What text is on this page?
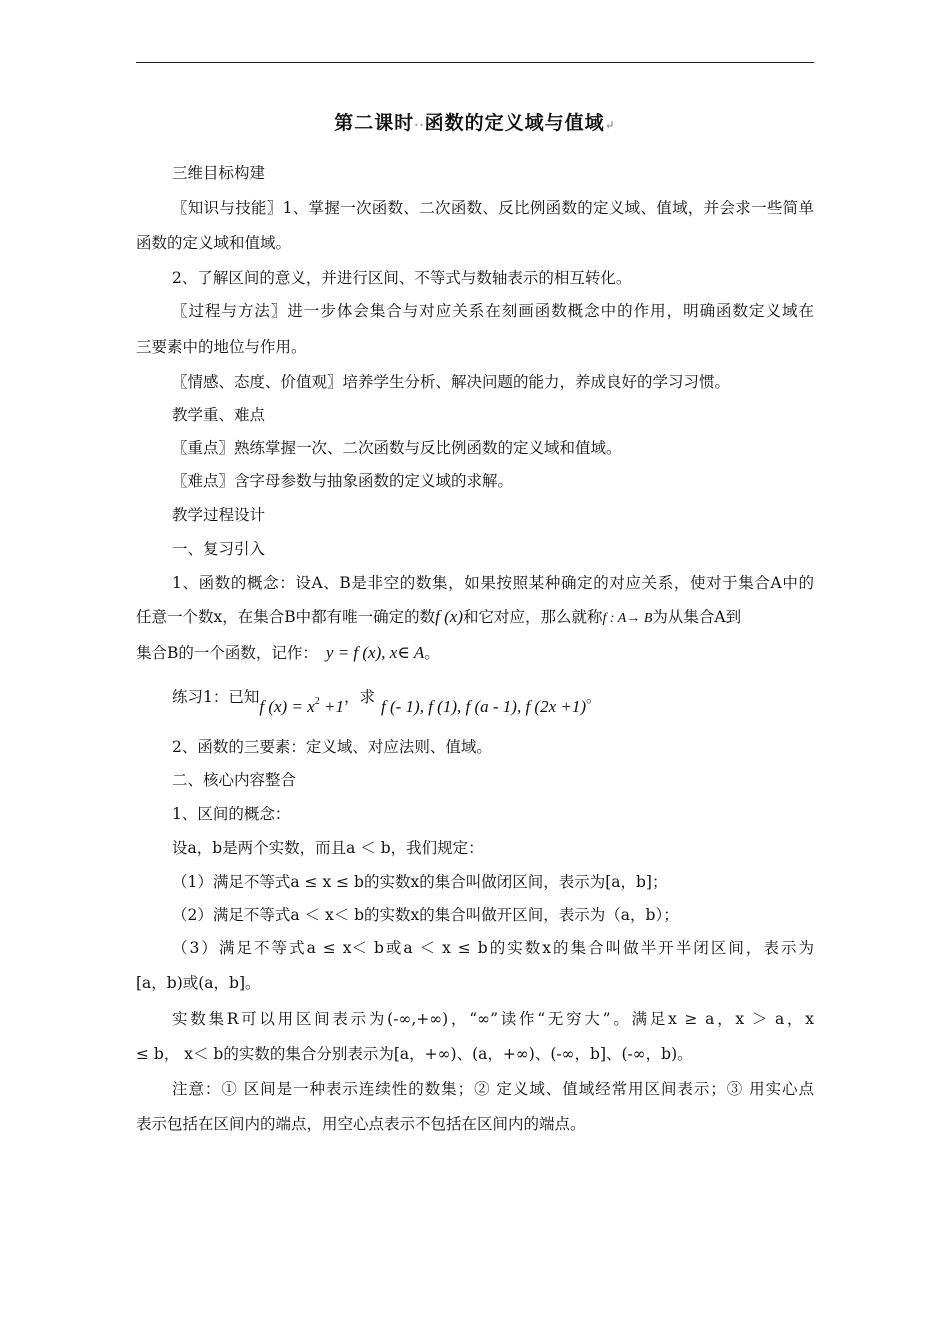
第二课时··函数的定义域与值域↵
三维目标构建
〖知识与技能〗1、掌握一次函数、二次函数、反比例函数的定义域、值域，并会求一些简单
函数的定义域和值域。
2、了解区间的意义，并进行区间、不等式与数轴表示的相互转化。
〖过程与方法〗进一步体会集合与对应关系在刻画函数概念中的作用，明确函数定义域在
三要素中的地位与作用。
〖情感、态度、价值观〗培养学生分析、解决问题的能力，养成良好的学习习惯。
教学重、难点
〖重点〗熟练掌握一次、二次函数与反比例函数的定义域和值域。
〖难点〗含字母参数与抽象函数的定义域的求解。
教学过程设计
一、复习引入
1、函数的概念：设A、B是非空的数集，如果按照某种确定的对应关系，使对于集合A中的
任意一个数x，在集合B中都有唯一确定的数f (x)和它对应，那么就称f : A→ B为从集合A到
集合B的一个函数，记作： y = f (x), x∈ A。
练习1：已知f $(x) = x^2 +1$，求 f (- 1), f (1), f (a - 1), f (2x +1)。
2、函数的三要素：定义域、对应法则、值域。
二、核心内容整合
1、区间的概念：
设a，b是两个实数，而且a ＜ b，我们规定：
（1）满足不等式a ≤ x ≤ b的实数x的集合叫做闭区间，表示为[a，b]；
（2）满足不等式a ＜ x＜ b的实数x的集合叫做开区间，表示为（a，b）；
（3）满足不等式a ≤ x＜ b或a ＜ x ≤ b的实数x的集合叫做半开半闭区间，表示为
[a，b)或(a，b]。
实数集R可以用区间表示为(-∞,+∞)，“∞”读作“无穷大”。满足x ≥ a，x ＞ a，x
≤ b， x＜ b的实数的集合分别表示为[a，+∞)、(a，+∞)、(-∞，b]、(-∞，b)。
注意：① 区间是一种表示连续性的数集；② 定义域、值域经常用区间表示；③ 用实心点
表示包括在区间内的端点，用空心点表示不包括在区间内的端点。
